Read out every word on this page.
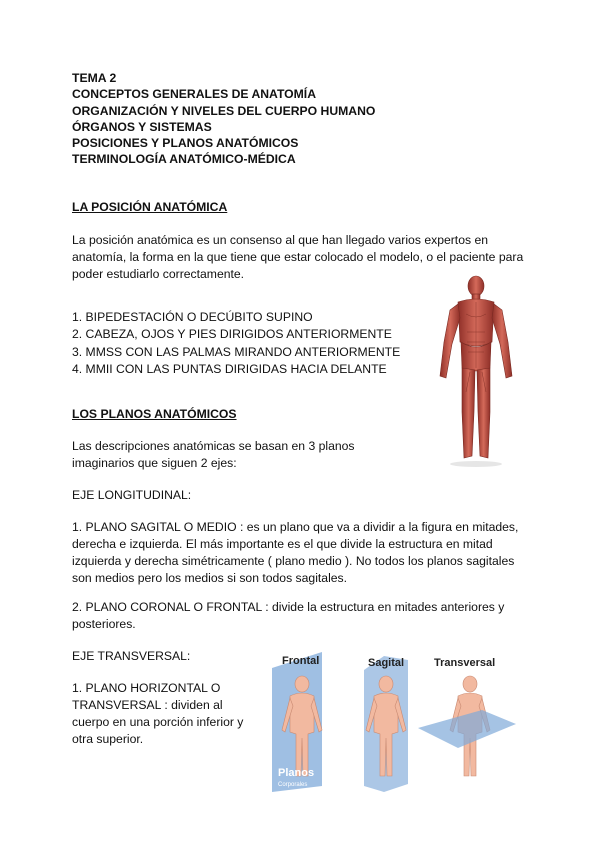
TEMA 2
CONCEPTOS GENERALES DE ANATOMÍA
ORGANIZACIÓN Y NIVELES DEL CUERPO HUMANO
ÓRGANOS Y SISTEMAS
POSICIONES Y PLANOS ANATÓMICOS
TERMINOLOGÍA ANATÓMICO-MÉDICA
LA POSICIÓN ANATÓMICA
La posición anatómica es un consenso al que han llegado varios expertos en anatomía, la forma en la que tiene que estar colocado el modelo, o el paciente para poder estudiarlo correctamente.
1. BIPEDESTACIÓN O DECÚBITO SUPINO
2. CABEZA, OJOS Y PIES DIRIGIDOS ANTERIORMENTE
3. MMSS CON LAS PALMAS MIRANDO ANTERIORMENTE
4. MMII CON LAS PUNTAS DIRIGIDAS HACIA DELANTE
LOS PLANOS ANATÓMICOS
Las descripciones anatómicas se basan en 3 planos imaginarios que siguen 2 ejes:
EJE LONGITUDINAL:
1. PLANO SAGITAL O MEDIO : es un plano que va a dividir a la figura en mitades, derecha e izquierda. El más importante es el que divide la estructura en mitad izquierda y derecha simétricamente ( plano medio ). No todos los planos sagitales son medios pero los medios si son todos sagitales.
2. PLANO CORONAL O FRONTAL : divide la estructura en mitades anteriores y posteriores.
EJE TRANSVERSAL:
1. PLANO HORIZONTAL O TRANSVERSAL : dividen al cuerpo en una porción inferior y otra superior.
Frontal	Sagital	Transversal
Planos
Corporales
